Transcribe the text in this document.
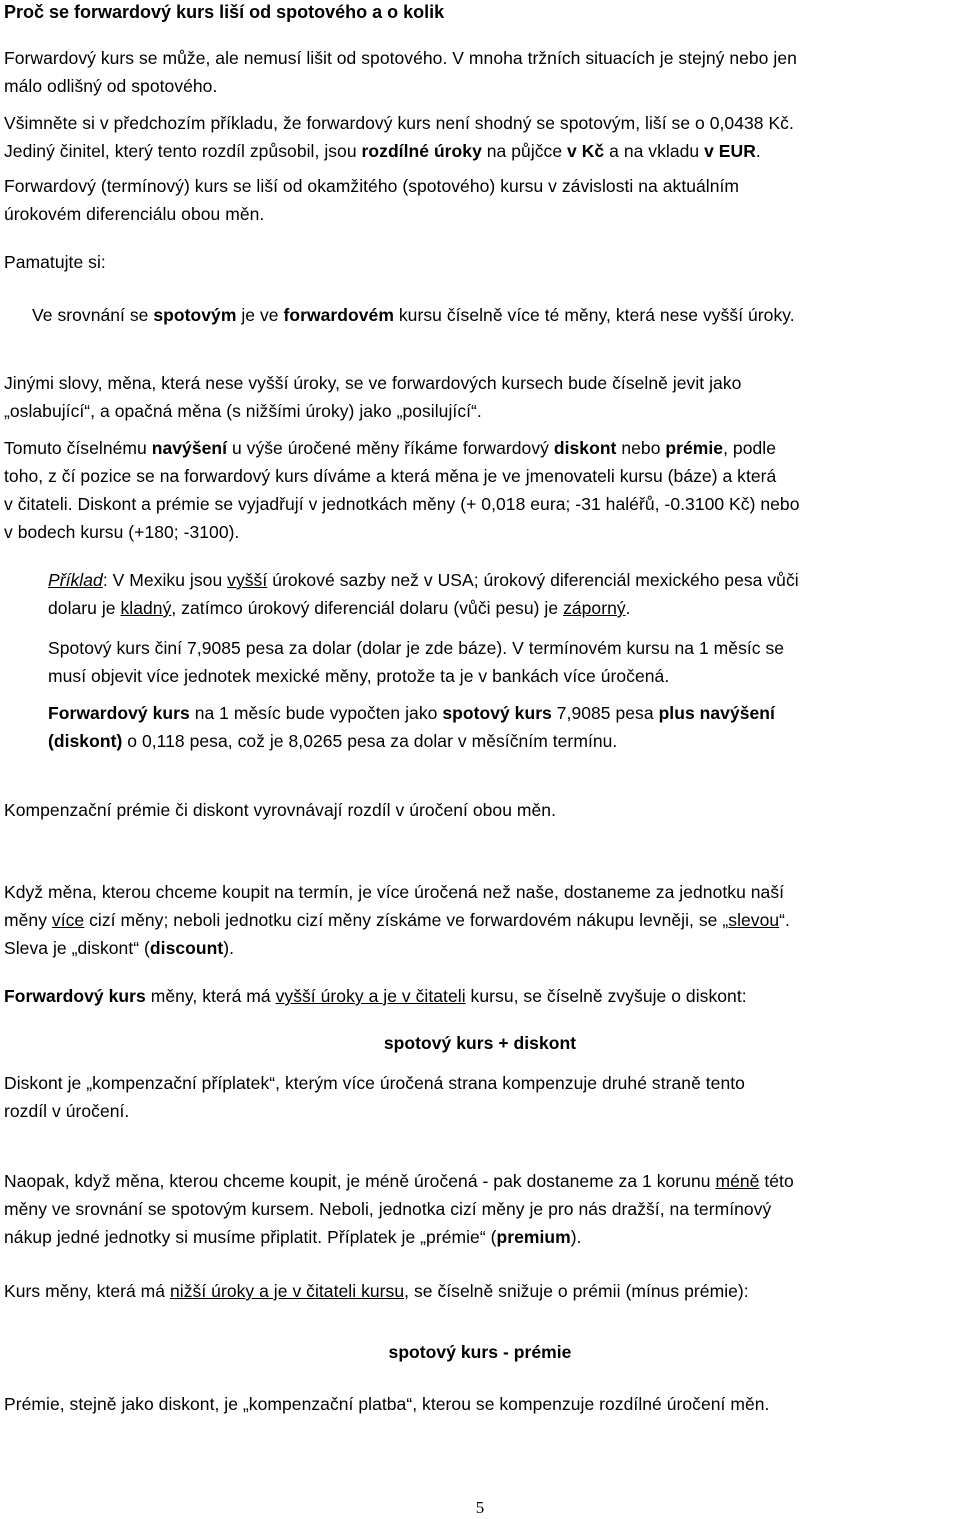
Proč se forwardový kurs liší od spotového a o kolik

Forwardový kurs se může, ale nemusí lišit od spotového. V mnoha tržních situacích je stejný nebo jen

málo odlišný od spotového.

Všimněte si v předchozím příkladu, že forwardový kurs není shodný se spotovým, liší se o 0,0438 Kč.

Jediný činitel, který tento rozdíl způsobil, jsou rozdílné úroky na půjčce v Kč a na vkladu v EUR.

Forwardový (termínový) kurs se liší od okamžitého (spotového) kursu v závislosti na aktuálním

úrokovém diferenciálu obou měn.

Pamatujte si:

Ve srovnání se spotovým je ve forwardovém kursu číselně více té měny, která nese vyšší úroky.

Jinými slovy, měna, která nese vyšší úroky, se ve forwardových kursech bude číselně jevit jako

„oslabující“, a opačná měna (s nižšími úroky) jako „posilující“.

Tomuto číselnému navýšení u výše úročené měny říkáme forwardový diskont nebo prémie, podle

toho, z čí pozice se na forwardový kurs díváme a která měna je ve jmenovateli kursu (báze) a která

v čitateli. Diskont a prémie se vyjadřují v jednotkách měny (+ 0,018 eura; -31 haléřů, -0.3100 Kč) nebo

v bodech kursu (+180; -3100).

Příklad: V Mexiku jsou vyšší úrokové sazby než v USA; úrokový diferenciál mexického pesa vůči

dolaru je kladný, zatímco úrokový diferenciál dolaru (vůči pesu) je záporný.

Spotový kurs činí 7,9085 pesa za dolar (dolar je zde báze). V termínovém kursu na 1 měsíc se

musí objevit více jednotek mexické měny, protože ta je v bankách více úročená.

Forwardový kurs na 1 měsíc bude vypočten jako spotový kurs 7,9085 pesa plus navýšení

(diskont) o 0,118 pesa, což je 8,0265 pesa za dolar v měsíčním termínu.

Kompenzační prémie či diskont vyrovnávají rozdíl v úročení obou měn.

Když měna, kterou chceme koupit na termín, je více úročená než naše, dostaneme za jednotku naší

měny více cizí měny; neboli jednotku cizí měny získáme ve forwardovém nákupu levněji, se „slevou“.

Sleva je „diskont“ (discount).

Forwardový kurs měny, která má vyšší úroky a je v čitateli kursu, se číselně zvyšuje o diskont:

spotový kurs + diskont

Diskont je „kompenzační příplatek“, kterým více úročená strana kompenzuje druhé straně tento

rozdíl v úročení.

Naopak, když měna, kterou chceme koupit, je méně úročená - pak dostaneme za 1 korunu méně této

měny ve srovnání se spotovým kursem. Neboli, jednotka cizí měny je pro nás dražší, na termínový

nákup jedné jednotky si musíme připlatit. Příplatek je „prémie“ (premium).

Kurs měny, která má nižší úroky a je v čitateli kursu, se číselně snižuje o prémii (mínus prémie):

spotový kurs - prémie

Prémie, stejně jako diskont, je „kompenzační platba“, kterou se kompenzuje rozdílné úročení měn.

5
